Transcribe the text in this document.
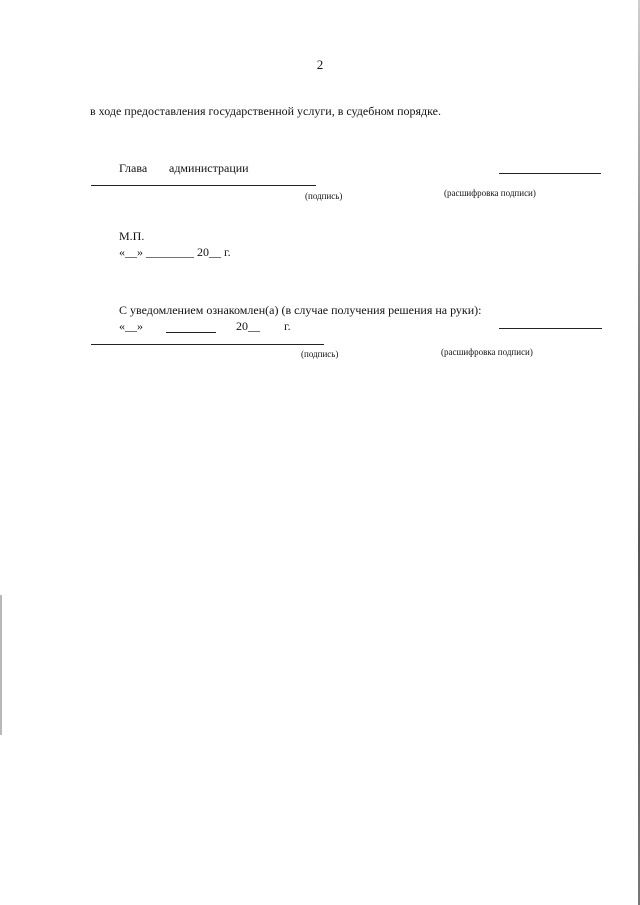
2
в ходе предоставления государственной услуги, в судебном порядке.
Глава администрации
(подпись)	(расшифровка подписи)
М.П.
«__» ________ 20__ г.
С уведомлением ознакомлен(а) (в случае получения решения на руки):
«__»	20__ г.
(подпись)	(расшифровка подписи)
